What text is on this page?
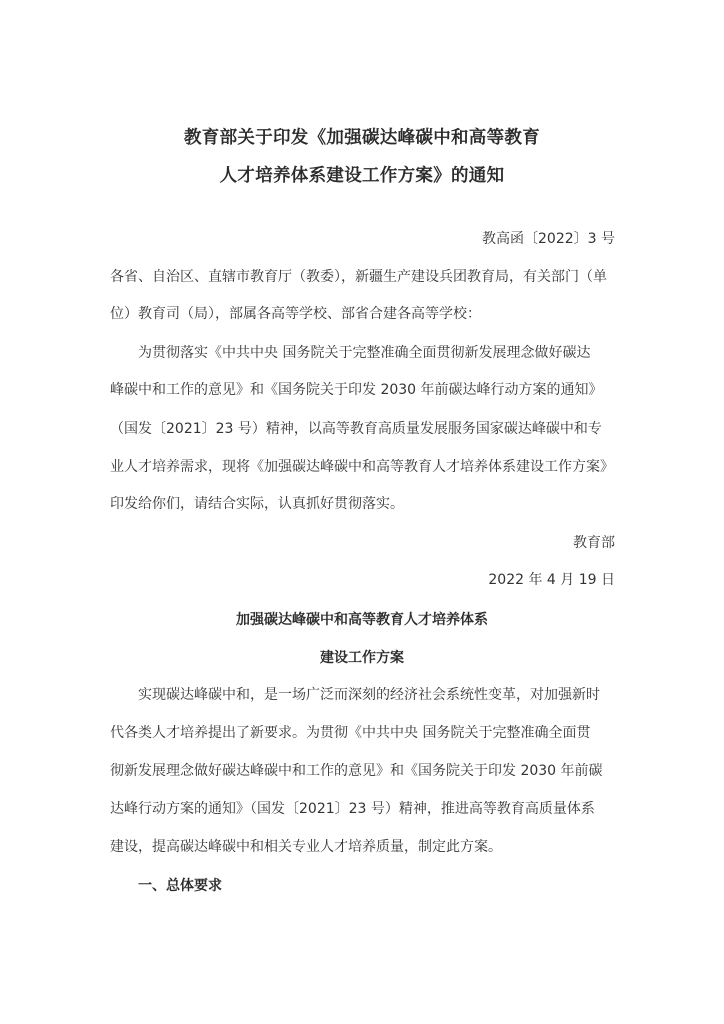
教育部关于印发《加强碳达峰碳中和高等教育
人才培养体系建设工作方案》的通知
教高函〔2022〕3 号
各省、自治区、直辖市教育厅（教委），新疆生产建设兵团教育局，有关部门（单
位）教育司（局），部属各高等学校、部省合建各高等学校：
为贯彻落实《中共中央 国务院关于完整准确全面贯彻新发展理念做好碳达
峰碳中和工作的意见》和《国务院关于印发 2030 年前碳达峰行动方案的通知》
（国发〔2021〕23 号）精神，以高等教育高质量发展服务国家碳达峰碳中和专
业人才培养需求，现将《加强碳达峰碳中和高等教育人才培养体系建设工作方案》
印发给你们，请结合实际，认真抓好贯彻落实。
教育部
2022 年 4 月 19 日
加强碳达峰碳中和高等教育人才培养体系
建设工作方案
实现碳达峰碳中和，是一场广泛而深刻的经济社会系统性变革，对加强新时
代各类人才培养提出了新要求。为贯彻《中共中央 国务院关于完整准确全面贯
彻新发展理念做好碳达峰碳中和工作的意见》和《国务院关于印发 2030 年前碳
达峰行动方案的通知》（国发〔2021〕23 号）精神，推进高等教育高质量体系
建设，提高碳达峰碳中和相关专业人才培养质量，制定此方案。
一、总体要求
